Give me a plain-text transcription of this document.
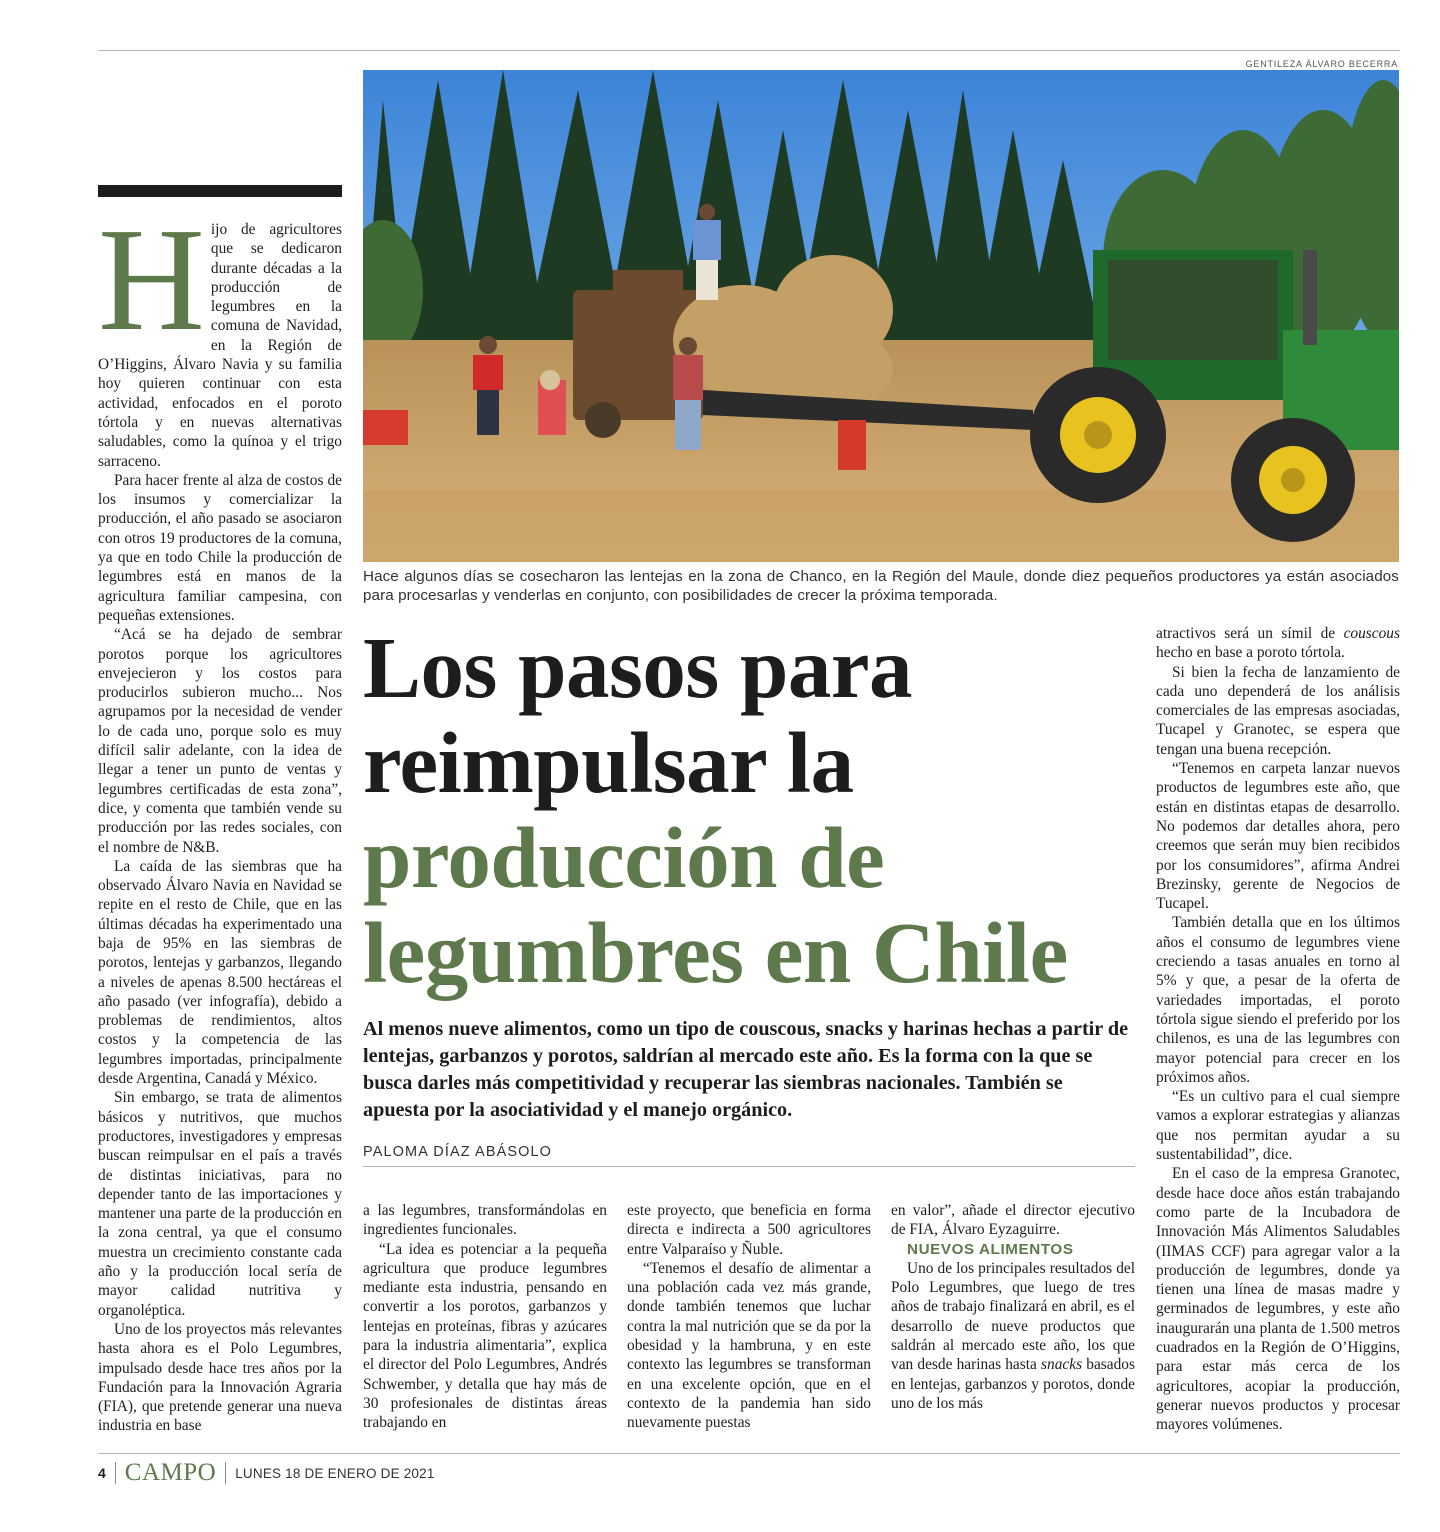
GENTILEZA ÁLVARO BECERRA
Hace algunos días se cosecharon las lentejas en la zona de Chanco, en la Región del Maule, donde diez pequeños productores ya están asociados para procesarlas y venderlas en conjunto, con posibilidades de crecer la próxima temporada.
H ijo de agricultores que se dedicaron durante décadas a la producción de legumbres en la comuna de Navidad, en la Región de O’Higgins, Álvaro Navia y su familia hoy quieren continuar con esta actividad, enfocados en el poroto tórtola y en nuevas alternativas saludables, como la quínoa y el trigo sarraceno.

Para hacer frente al alza de costos de los insumos y comercializar la producción, el año pasado se asociaron con otros 19 productores de la comuna, ya que en todo Chile la producción de legumbres está en manos de la agricultura familiar campesina, con pequeñas extensiones.

“Acá se ha dejado de sembrar porotos porque los agricultores envejecieron y los costos para producirlos subieron mucho... Nos agrupamos por la necesidad de vender lo de cada uno, porque solo es muy difícil salir adelante, con la idea de llegar a tener un punto de ventas y legumbres certificadas de esta zona”, dice, y comenta que también vende su producción por las redes sociales, con el nombre de N&B.

La caída de las siembras que ha observado Álvaro Navia en Navidad se repite en el resto de Chile, que en las últimas décadas ha experimentado una baja de 95% en las siembras de porotos, lentejas y garbanzos, llegando a niveles de apenas 8.500 hectáreas el año pasado (ver infografía), debido a problemas de rendimientos, altos costos y la competencia de las legumbres importadas, principalmente desde Argentina, Canadá y México.

Sin embargo, se trata de alimentos básicos y nutritivos, que muchos productores, investigadores y empresas buscan reimpulsar en el país a través de distintas iniciativas, para no depender tanto de las importaciones y mantener una parte de la producción en la zona central, ya que el consumo muestra un crecimiento constante cada año y la producción local sería de mayor calidad nutritiva y organoléptica.

Uno de los proyectos más relevantes hasta ahora es el Polo Legumbres, impulsado desde hace tres años por la Fundación para la Innovación Agraria (FIA), que pretende generar una nueva industria en base

Los pasos para
reimpulsar la
producción de
legumbres en Chile
Al menos nueve alimentos, como un tipo de couscous, snacks y harinas hechas a partir de lentejas, garbanzos y porotos, saldrían al mercado este año. Es la forma con la que se busca darles más competitividad y recuperar las siembras nacionales. También se apuesta por la asociatividad y el manejo orgánico.
PALOMA DÍAZ ABÁSOLO

a las legumbres, transformándolas en ingredientes funcionales.

“La idea es potenciar a la pequeña agricultura que produce legumbres mediante esta industria, pensando en convertir a los porotos, garbanzos y lentejas en proteínas, fibras y azúcares para la industria alimentaria”, explica el director del Polo Legumbres, Andrés Schwember, y detalla que hay más de 30 profesionales de distintas áreas trabajando en

este proyecto, que beneficia en forma directa e indirecta a 500 agricultores entre Valparaíso y Ñuble.

“Tenemos el desafío de alimentar a una población cada vez más grande, donde también tenemos que luchar contra la mal nutrición que se da por la obesidad y la hambruna, y en este contexto las legumbres se transforman en una excelente opción, que en el contexto de la pandemia han sido nuevamente puestas

en valor”, añade el director ejecutivo de FIA, Álvaro Eyzaguirre.

NUEVOS ALIMENTOS

Uno de los principales resultados del Polo Legumbres, que luego de tres años de trabajo finalizará en abril, es el desarrollo de nueve productos que saldrán al mercado este año, los que van desde harinas hasta snacks basados en lentejas, garbanzos y porotos, donde uno de los más

atractivos será un símil de couscous hecho en base a poroto tórtola.

Si bien la fecha de lanzamiento de cada uno dependerá de los análisis comerciales de las empresas asociadas, Tucapel y Granotec, se espera que tengan una buena recepción.

“Tenemos en carpeta lanzar nuevos productos de legumbres este año, que están en distintas etapas de desarrollo. No podemos dar detalles ahora, pero creemos que serán muy bien recibidos por los consumidores”, afirma Andrei Brezinsky, gerente de Negocios de Tucapel.

También detalla que en los últimos años el consumo de legumbres viene creciendo a tasas anuales en torno al 5% y que, a pesar de la oferta de variedades importadas, el poroto tórtola sigue siendo el preferido por los chilenos, es una de las legumbres con mayor potencial para crecer en los próximos años.

“Es un cultivo para el cual siempre vamos a explorar estrategias y alianzas que nos permitan ayudar a su sustentabilidad”, dice.

En el caso de la empresa Granotec, desde hace doce años están trabajando como parte de la Incubadora de Innovación Más Alimentos Saludables (IIMAS CCF) para agregar valor a la producción de legumbres, donde ya tienen una línea de masas madre y germinados de legumbres, y este año inaugurarán una planta de 1.500 metros cuadrados en la Región de O’Higgins, para estar más cerca de los agricultores, acopiar la producción, generar nuevos productos y procesar mayores volúmenes.

4 CAMPO LUNES 18 DE ENERO DE 2021
